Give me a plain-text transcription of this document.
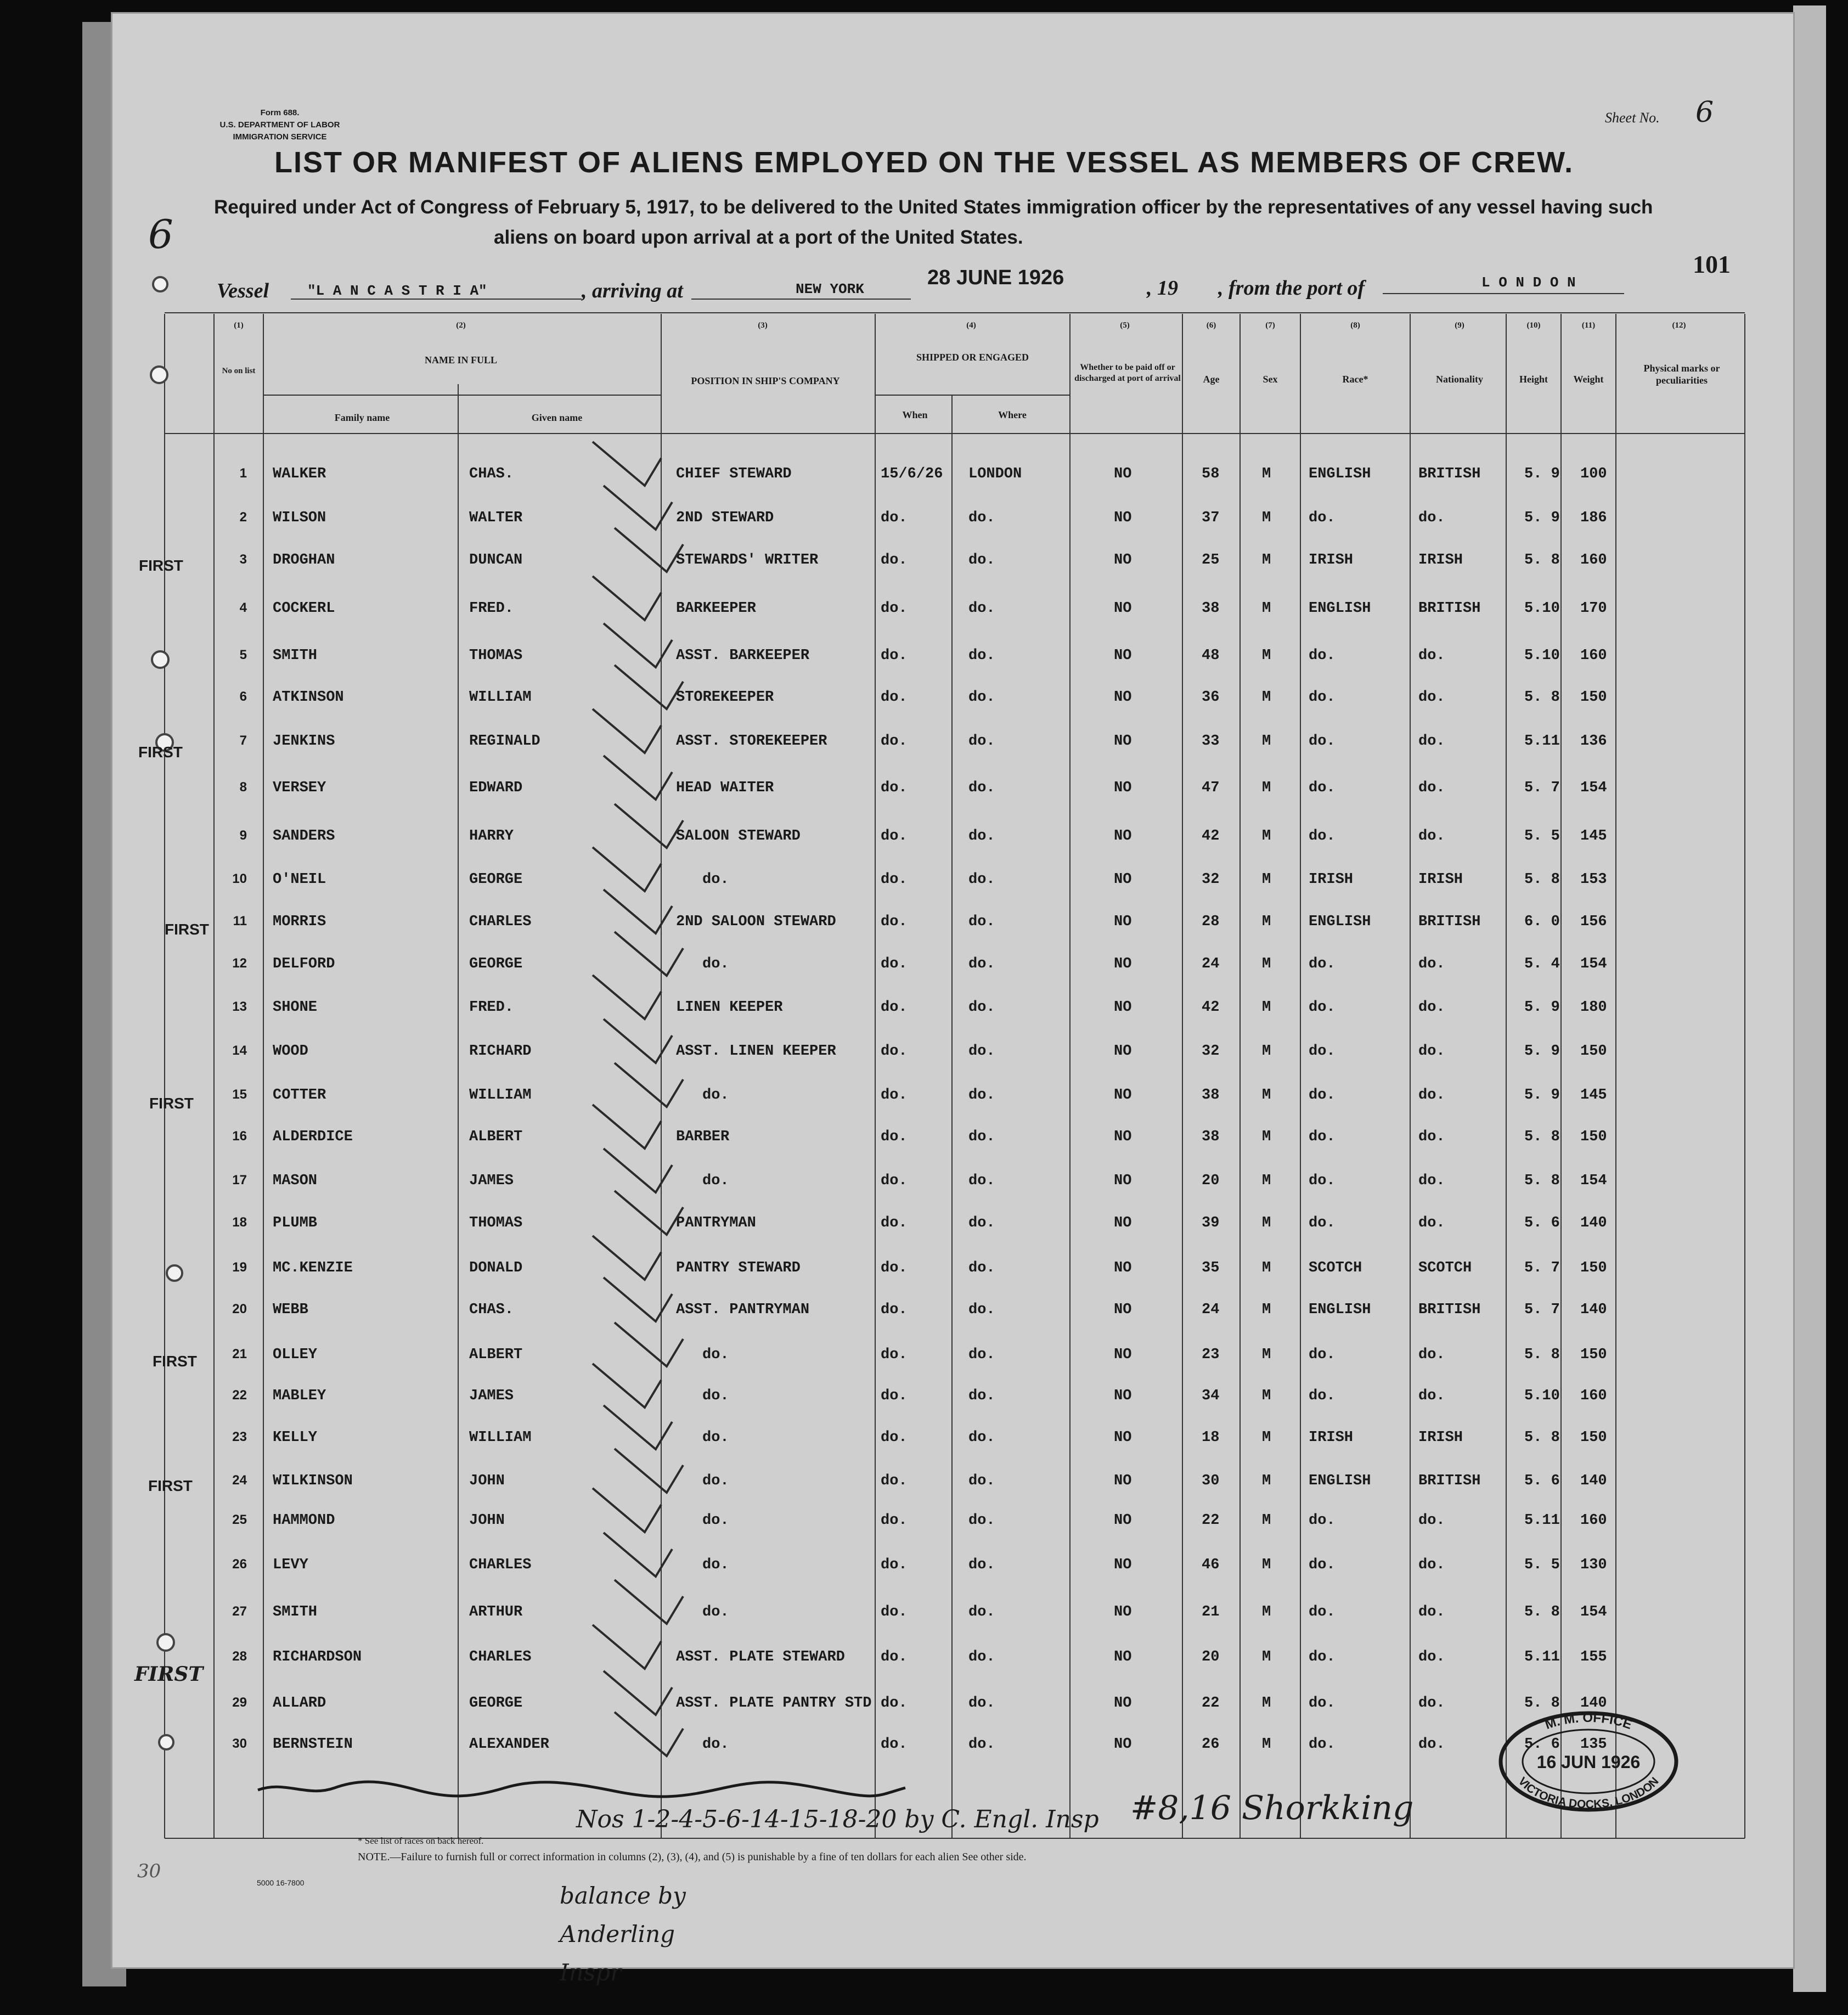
Form 688.
U.S. DEPARTMENT OF LABOR
IMMIGRATION SERVICE
Sheet No. 6
LIST OR MANIFEST OF ALIENS EMPLOYED ON THE VESSEL AS MEMBERS OF CREW.
Required under Act of Congress of February 5, 1917, to be delivered to the United States immigration officer by the representatives of any vessel having such
aliens on board upon arrival at a port of the United States.
6
Vessel	"L A N C A S T R I A"	, arriving at	NEW YORK	28 JUNE 1926	, 19 , from the port of	L O N D O N
101
(1)
No on list
(2)
NAME IN FULL
Family name	Given name
(3)
POSITION IN SHIP'S COMPANY
(4)
SHIPPED OR ENGAGED
When	Where
(5)
Whether to be paid off or discharged at port of arrival
(6)
Age
(7)
Sex
(8)
Race*
(9)
Nationality
(10)
Height
(11)
Weight
(12)
Physical marks or peculiarities
1 WALKER	CHAS.	CHIEF STEWARD	15/6/26 LONDON	NO	58	M	ENGLISH	BRITISH	5. 9 100
2 WILSON	WALTER	2ND STEWARD	do.	do.	NO	37	M	do.	do.	5. 9 186
3 DROGHAN	DUNCAN	STEWARDS' WRITER	do.	do.	NO	25	M	IRISH	IRISH	5. 8 160
4 COCKERL	FRED.	BARKEEPER	do.	do.	NO	38	M	ENGLISH	BRITISH	5.10 170
5 SMITH	THOMAS	ASST. BARKEEPER	do.	do.	NO	48	M	do.	do.	5.10 160
6 ATKINSON	WILLIAM	STOREKEEPER	do.	do.	NO	36	M	do.	do.	5. 8 150
7 JENKINS	REGINALD	ASST. STOREKEEPER	do.	do.	NO	33	M	do.	do.	5.11 136
8 VERSEY	EDWARD	HEAD WAITER	do.	do.	NO	47	M	do.	do.	5. 7 154
9 SANDERS	HARRY	SALOON STEWARD	do.	do.	NO	42	M	do.	do.	5. 5 145
10 O'NEIL	GEORGE	do.	do.	do.	NO	32	M	IRISH	IRISH	5. 8 153
11 MORRIS	CHARLES	2ND SALOON STEWARD	do.	do.	NO	28	M	ENGLISH	BRITISH	6. 0 156
12 DELFORD	GEORGE	do.	do.	do.	NO	24	M	do.	do.	5. 4 154
13 SHONE	FRED.	LINEN KEEPER	do.	do.	NO	42	M	do.	do.	5. 9 180
14 WOOD	RICHARD	ASST. LINEN KEEPER	do.	do.	NO	32	M	do.	do.	5. 9 150
15 COTTER	WILLIAM	do.	do.	do.	NO	38	M	do.	do.	5. 9 145
16 ALDERDICE	ALBERT	BARBER	do.	do.	NO	38	M	do.	do.	5. 8 150
17 MASON	JAMES	do.	do.	do.	NO	20	M	do.	do.	5. 8 154
18 PLUMB	THOMAS	PANTRYMAN	do.	do.	NO	39	M	do.	do.	5. 6 140
19 MC.KENZIE	DONALD	PANTRY STEWARD	do.	do.	NO	35	M	SCOTCH	SCOTCH	5. 7 150
20 WEBB	CHAS.	ASST. PANTRYMAN	do.	do.	NO	24	M	ENGLISH	BRITISH	5. 7 140
21 OLLEY	ALBERT	do.	do.	do.	NO	23	M	do.	do.	5. 8 150
22 MABLEY	JAMES	do.	do.	do.	NO	34	M	do.	do.	5.10 160
23 KELLY	WILLIAM	do.	do.	do.	NO	18	M	IRISH	IRISH	5. 8 150
24 WILKINSON	JOHN	do.	do.	do.	NO	30	M	ENGLISH	BRITISH	5. 6 140
25 HAMMOND	JOHN	do.	do.	do.	NO	22	M	do.	do.	5.11 160
26 LEVY	CHARLES	do.	do.	do.	NO	46	M	do.	do.	5. 5 130
27 SMITH	ARTHUR	do.	do.	do.	NO	21	M	do.	do.	5. 8 154
28 RICHARDSON	CHARLES	ASST. PLATE STEWARD do.	do.	NO	20	M	do.	do.	5.11 155
29 ALLARD	GEORGE	ASST. PLATE PANTRY STD do.	do.	NO	22	M	do.	do.	5. 8 140
30 BERNSTEIN	ALEXANDER	do.	do.	do.	NO	26	M	do.	do.	5. 6 135
FIRST
FIRST
FIRST
FIRST
FIRST
FIRST
FIRST
* See list of races on back hereof.
NOTE.—Failure to furnish full or correct information in columns (2), (3), (4), and (5) is punishable by a fine of ten dollars for each alien See other side.
5000 16-7800
Nos 1-2-4-5-6-14-15-18-20 by C. Engl. Insp #8,16 Shorkking
balance by
Anderling
Inspr
30
M. M. OFFICE
16 JUN 1926
VICTORIA DOCKS, LONDON
